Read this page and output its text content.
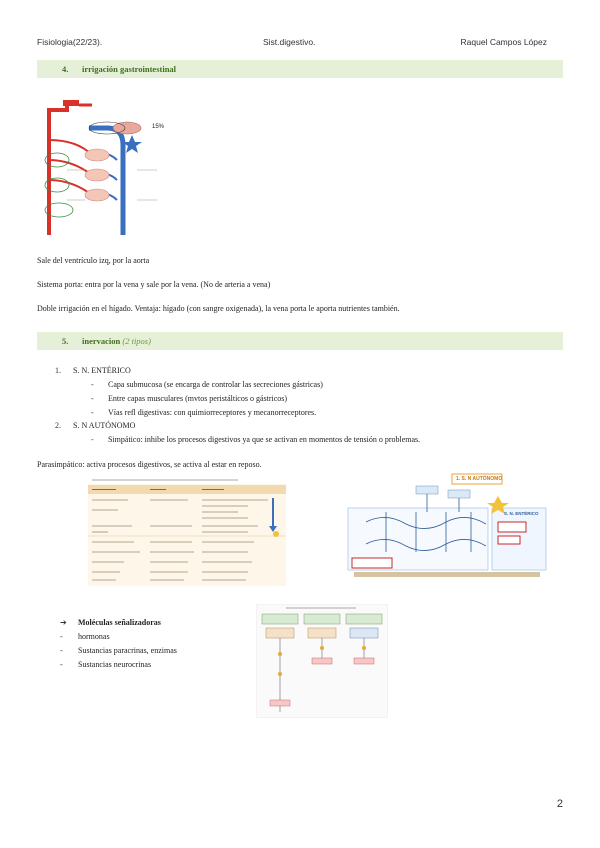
Fisiologia(22/23).	Sist.digestivo.	Raquel Campos López
4. irrigación gastrointestinal
15%
Sale del ventrículo izq, por la aorta
Sistema porta: entra por la vena y sale por la vena. (No de arteria a vena)
Doble irrigación en el hígado. Ventaja: hígado (con sangre oxigenada), la vena porta le aporta nutrientes también.
5. inervacion (2 tipos)
1. S. N. ENTÉRICO
- Capa submucosa (se encarga de controlar las secreciones gástricas)
- Entre capas musculares (mvtos peristálticos o gástricos)
- Vías refl digestivas: con quimiorreceptores y mecanorreceptores.
2. S. N AUTÓNOMO
- Simpático: inhibe los procesos digestivos ya que se activan en momentos de tensión o problemas.
Parasimpático: activa procesos digestivos, se activa al estar en reposo.
1. S. N AUTÓNOMO
S. N. ENTÉRICO
➔ Moléculas señalizadoras
- hormonas
- Sustancias paracrinas, enzimas
- Sustancias neurocrinas
2
